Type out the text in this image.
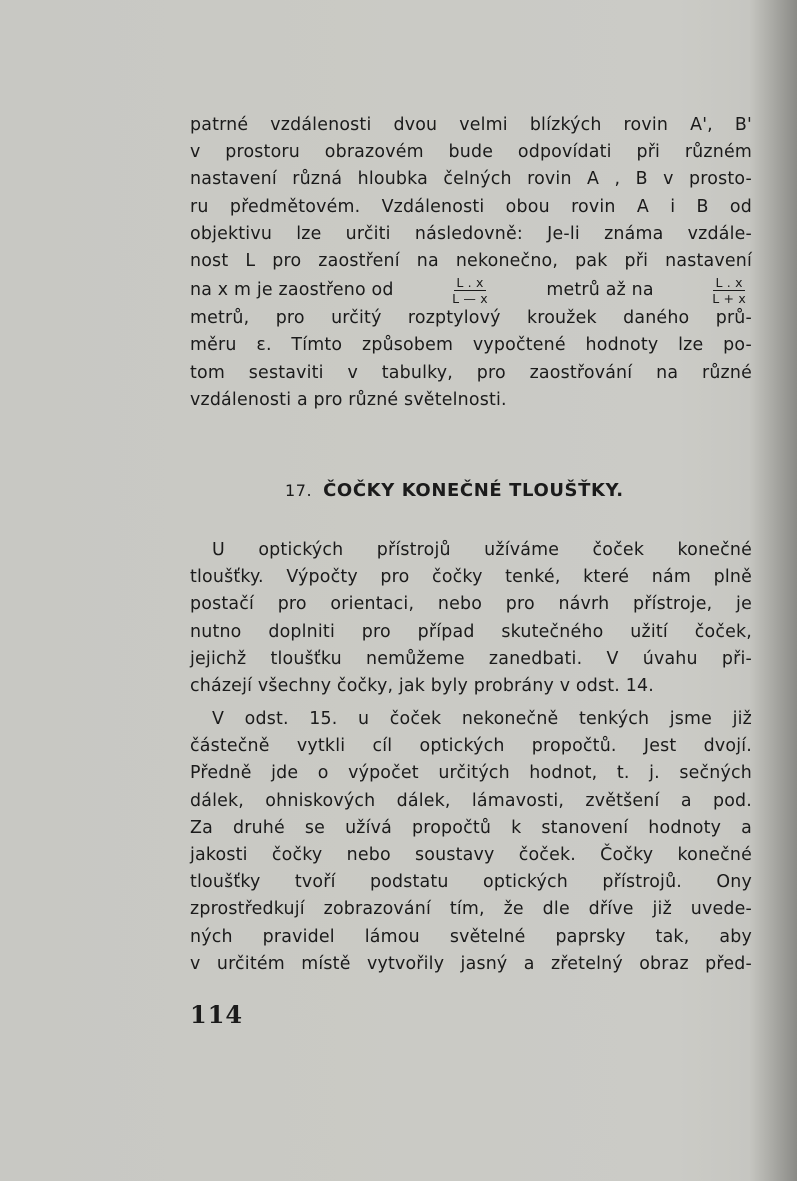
patrné vzdálenosti dvou velmi blízkých rovin A', B'
v prostoru obrazovém bude odpovídati při různém
nastavení různá hloubka čelných rovin A , B v prosto-
ru předmětovém. Vzdálenosti obou rovin A i B od
objektivu lze určiti následovně: Je-li známa vzdále-
nost L pro zaostření na nekonečno, pak při nastavení
na x m je zaostřeno od	$\frac{L . x}{L — x}$	metrů až na	$\frac{L . x}{L + x}$
metrů, pro určitý rozptylový kroužek daného prů-
měru ε. Tímto způsobem vypočtené hodnoty lze po-
tom sestaviti v tabulky, pro zaostřování na různé
vzdálenosti a pro různé světelnosti.
17. ČOČKY KONEČNÉ TLOUŠŤKY.
U optických přístrojů užíváme čoček konečné
tloušťky. Výpočty pro čočky tenké, které nám plně
postačí pro orientaci, nebo pro návrh přístroje, je
nutno doplniti pro případ skutečného užití čoček,
jejichž tloušťku nemůžeme zanedbati. V úvahu při-
cházejí všechny čočky, jak byly probrány v odst. 14.
V odst. 15. u čoček nekonečně tenkých jsme již
částečně vytkli cíl optických propočtů. Jest dvojí.
Předně jde o výpočet určitých hodnot, t. j. sečných
dálek, ohniskových dálek, lámavosti, zvětšení a pod.
Za druhé se užívá propočtů k stanovení hodnoty a
jakosti čočky nebo soustavy čoček. Čočky konečné
tloušťky tvoří podstatu optických přístrojů. Ony
zprostředkují zobrazování tím, že dle dříve již uvede-
ných pravidel lámou světelné paprsky tak, aby
v určitém místě vytvořily jasný a zřetelný obraz před-
114
